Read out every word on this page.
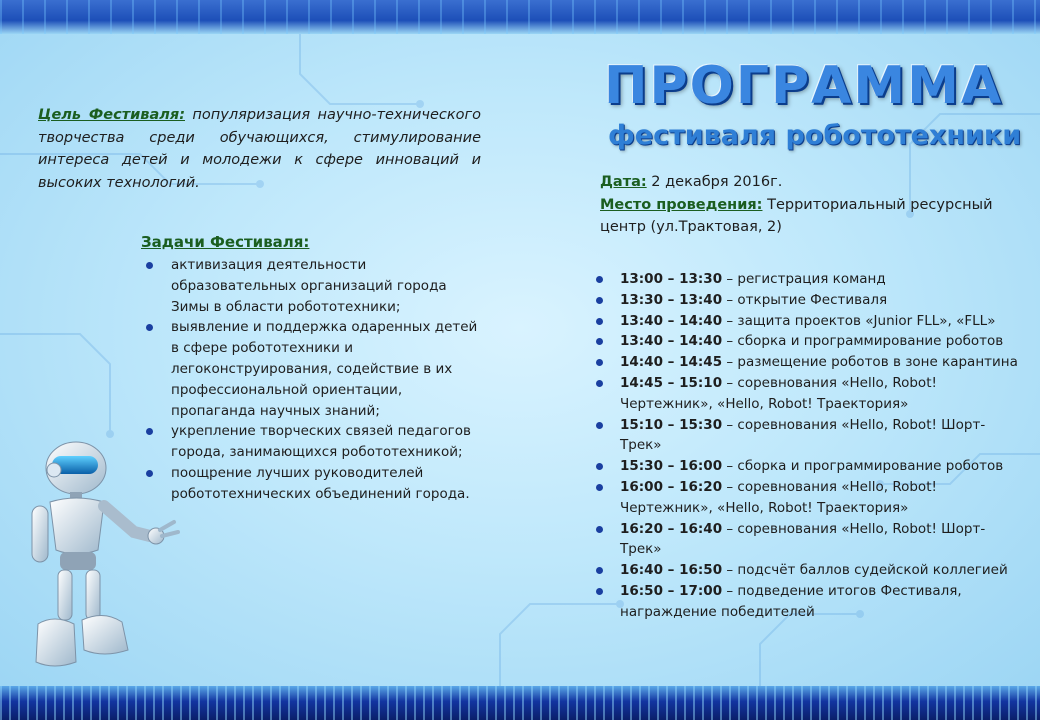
ПРОГРАММА
фестиваля робототехники
Цель Фестиваля: популяризация научно-технического творчества среди обучающихся, стимулирование интереса детей и молодежи к сфере инноваций и высоких технологий.
Задачи Фестиваля:
активизация деятельности образовательных организаций города Зимы в области робототехники;
выявление и поддержка одаренных детей в сфере робототехники и легоконструирования, содействие в их профессиональной ориентации, пропаганда научных знаний;
укрепление творческих связей педагогов города, занимающихся робототехникой;
поощрение лучших руководителей робототехнических объединений города.
Дата: 2 декабря 2016г.
Место проведения: Территориальный ресурсный центр (ул.Трактовая, 2)
13:00 – 13:30 – регистрация команд
13:30 – 13:40 – открытие Фестиваля
13:40 – 14:40 – защита проектов «Junior FLL», «FLL»
13:40 – 14:40 – сборка и программирование роботов
14:40 – 14:45 – размещение роботов в зоне карантина
14:45 – 15:10 – соревнования «Hello, Robot! Чертежник», «Hello, Robot! Траектория»
15:10 – 15:30 – соревнования «Hello, Robot! Шорт-Трек»
15:30 – 16:00 – сборка и программирование роботов
16:00 – 16:20 – соревнования «Hello, Robot! Чертежник», «Hello, Robot! Траектория»
16:20 – 16:40 – соревнования «Hello, Robot! Шорт-Трек»
16:40 – 16:50 – подсчёт баллов судейской коллегией
16:50 – 17:00 – подведение итогов Фестиваля, награждение победителей
